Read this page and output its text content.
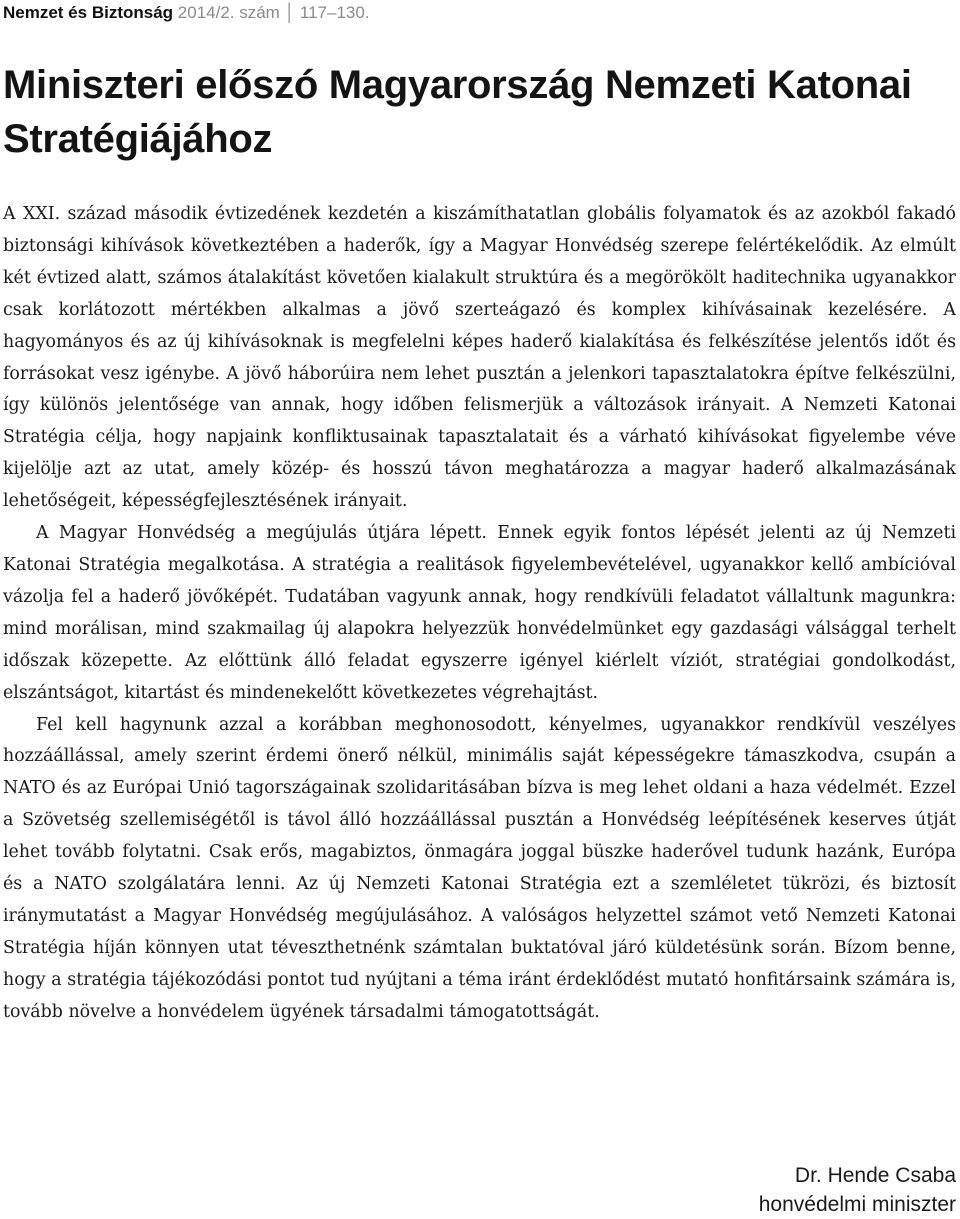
Nemzet és Biztonság 2014/2. szám │ 117–130.
Miniszteri előszó Magyarország Nemzeti Katonai
Stratégiájához

A XXI. század második évtizedének kezdetén a kiszámíthatatlan globális folyamatok és az azokból fakadó biztonsági kihívások következtében a haderők, így a Magyar Honvédség szerepe felértékelődik. Az elmúlt két évtized alatt, számos átalakítást követően kialakult struktúra és a megörökölt haditechnika ugyanakkor csak korlátozott mértékben alkalmas a jövő szerteágazó és komplex kihívásainak kezelésére. A hagyományos és az új kihívásoknak is megfelelni képes haderő kialakítása és felkészítése jelentős időt és forrásokat vesz igénybe. A jövő háborúira nem lehet pusztán a jelenkori tapasztalatokra építve felkészülni, így különös jelentősége van annak, hogy időben felismerjük a változások irányait. A Nemzeti Katonai Stratégia célja, hogy napjaink konfliktusainak tapasztalatait és a várható kihívásokat figyelembe véve kijelölje azt az utat, amely közép- és hosszú távon meghatározza a magyar haderő alkalmazásának lehetőségeit, képességfejlesztésének irányait.

A Magyar Honvédség a megújulás útjára lépett. Ennek egyik fontos lépését jelenti az új Nemzeti Katonai Stratégia megalkotása. A stratégia a realitások figyelembevételével, ugyanakkor kellő ambícióval vázolja fel a haderő jövőképét. Tudatában vagyunk annak, hogy rendkívüli feladatot vállaltunk magunkra: mind morálisan, mind szakmailag új alapokra helyezzük honvédelmünket egy gazdasági válsággal terhelt időszak közepette. Az előttünk álló feladat egyszerre igényel kiérlelt víziót, stratégiai gondolkodást, elszántságot, kitartást és mindenekelőtt következetes végrehajtást.

Fel kell hagynunk azzal a korábban meghonosodott, kényelmes, ugyanakkor rendkívül veszélyes hozzáállással, amely szerint érdemi önerő nélkül, minimális saját képességekre támaszkodva, csupán a NATO és az Európai Unió tagországainak szolidaritásában bízva is meg lehet oldani a haza védelmét. Ezzel a Szövetség szellemiségétől is távol álló hozzáállással pusztán a Honvédség leépítésének keserves útját lehet tovább folytatni. Csak erős, magabiztos, önmagára joggal büszke haderővel tudunk hazánk, Európa és a NATO szolgálatára lenni. Az új Nemzeti Katonai Stratégia ezt a szemléletet tükrözi, és biztosít iránymutatást a Magyar Honvédség megújulásához. A valóságos helyzettel számot vető Nemzeti Katonai Stratégia híján könnyen utat téveszthetnénk számtalan buktatóval járó küldetésünk során. Bízom benne, hogy a stratégia tájékozódási pontot tud nyújtani a téma iránt érdeklődést mutató honfitársaink számára is, tovább növelve a honvédelem ügyének társadalmi támogatottságát.

Dr. Hende Csaba
honvédelmi miniszter
